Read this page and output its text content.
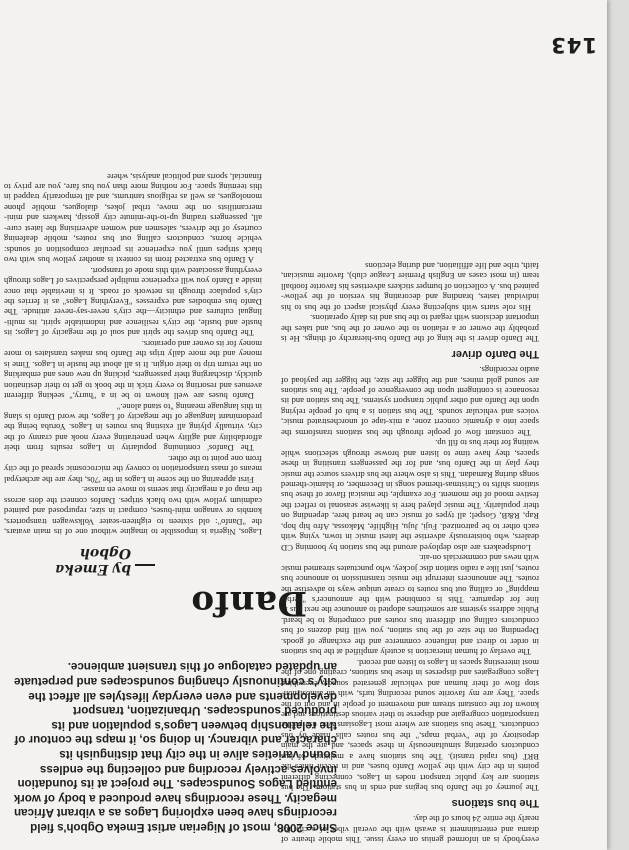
Since 2008, most of Nigerian artist Emeka Ogboh's field recordings have been exploring Lagos as a vibrant African megacity. These recordings have produced a body of work entitled Lagos Soundscapes. The project at its foundation involves actively recording and collecting the endless sound varieties alive in the city that distinguish its character and vibrancy. In doing so, it maps the contour of the relationship between Lagos's population and its produced soundscapes. Urbanization, transport developments and even everyday lifestyles all affect the city's continuously changing soundscapes and perpetuate an updated catalogue of this transient ambience.
Danfo
by Emeka Ogboh

Lagos, Nigeria is impossible to imagine without one of its main avatars, the "Danfo": old sixteen to eighteen-seater Volkswagen transporters, kombis or vanagon mini-buses, compact in size, repurposed and painted cadmium yellow with two black stripes. Danfos connect the dots across the map of a megacity that seems to move en masse.

First appearing on the scene in Lagos in the '70s, they are the archetypal means of mass transportation to convey the microcosmic spread of the city from one point to the other.

The Danfos' continuing popularity in Lagos results from their affordability and agility when penetrating every nook and cranny of the city, virtually plying all existing bus routes in Lagos. Yoruba being the predominant language of the megacity of Lagos, the word Danfo is slang in this language meaning "to stand alone."

Danfo buses are well known to be in a "hurry," seeking different avenues and resorting to every trick in the book to get to their destination quickly, discharging their passengers, picking up new ones and embarking on the return trip to their origin. It is all about the hustle in Lagos. Time is money and the more daily trips the Danfo bus makes translates to more money for its owner and operators.

The Danfo bus drives the spirit and soul of the megacity of Lagos; its hustle and bustle, the city's resilience and indomitable spirit, its multi-lingual cultures and ethnicity—the city's never-say-never attitude. The Danfo bus embodies and expresses "Everything Lagos" as it ferries the city's populace through its network of roads. It is inevitable that once inside a Danfo you will experience multiple perspectives of Lagos through everything associated with this mode of transport.

A Danfo bus extracted from its context is another yellow bus with two black stripes until you experience its peculiar composition of sounds: vehicle horns, conductors calling out bus routes, mobile deafening courtesy of the drivers, salesmen and women advertising the latest cure-all, passengers trading up-to-the-minute city gossip, hawkers and mini-mercantilists on the move, tribal jokes, dialogues, mobile phone monologues, as well as religious tantrums, and all temporarily trapped in this teeming space. For nothing more than you bus fare, you are privy to financial, sports and political analysis, where

everybody is an informed genius on every issue. This mobile theatre of drama and entertainment is awash with the overall vibes of a city for nearly the entire 24 hours of the day.

The bus stations

The journey of the Danfo bus begins and ends in bus stations. The bus stations are key public transport nodes in Lagos, connecting different points in the city with the yellow Danfo buses, and in recent times the BRT (bus rapid transit). The bus stations have a multitude of bus conductors operating simultaneously in these spaces, and are the main depository of the "verbal maps," the bus routes calls made by bus conductors. These bus stations are where most Lagosians who use public transportation congregate and disperse to their various destinations and are known for the constant stream and movement of people in and out of the space. They are my favorite sound recording turfs, with an almost non-stop flow of their human and vehicular generated sounds, everything Lagos congregates and disperses in these bus stations, creating one of the most interesting spaces in Lagos to listen and record.

The overlay of human interaction is acutely amplified at the bus stations in order to direct and influence commerce and the exchange of goods. Depending on the size of the bus station, you will find dozens of bus conductors calling out different bus routes and competing to be heard. Public address systems are sometimes adopted to announce the next bus in line for departure. This is combined with the announcer's "verbal mapping" or calling out bus routes to create unique ways to advertise the routes. The announcers interrupt the music transmission to announce bus routes, just like a radio station disc jockey, who punctuates streamed music with news and commercials on-air.

Loudspeakers are also deployed around the bus station by booming CD dealers, who boisterously advertise the latest music in town, vying with each other to be patronized. Fuji, Juju, Highlife, Makossa, Afro hip hop, Rap, R&B, Gospel; all types of music can be heard here, depending on their popularity. The music played here is likewise seasonal to reflect the festive mood of the moment. For example, the musical flavor of these bus stations shifts to Christmas-themed songs in December, or Islamic-themed songs during Ramadan. This is also where the bus drivers source the music they play in the Danfo bus, and for the passengers transiting in these spaces, they have time to listen and browse through selections while waiting for their bus to fill up.

The constant flow of people through the bus stations transforms the space into a dynamic concert zone, a mix-tape of unorchestrated music, voices and vehicular sounds. The bus station is a hub of people relying upon the Danfo and other public transport systems. The bus station and its resonance is contingent upon the convergence of people. The bus stations are sound gold mines, and the bigger the size, the bigger the payload of audio recordings.

The Danfo driver

The Danfo driver is the king of the Danfo bus-hierarchy of things. He is probably the owner or a relation to the owner of the bus, and takes the important decisions with regard to the bus and its daily operations.

His role starts with subjecting every physical aspect of the bus to his individual tastes, branding and decorating his version of the yellow-painted bus. A collection of bumper stickers advertises his favorite football team (in most cases an English Premier League club), favorite musician, faith, tribe and life affiliation, and during elections

143
